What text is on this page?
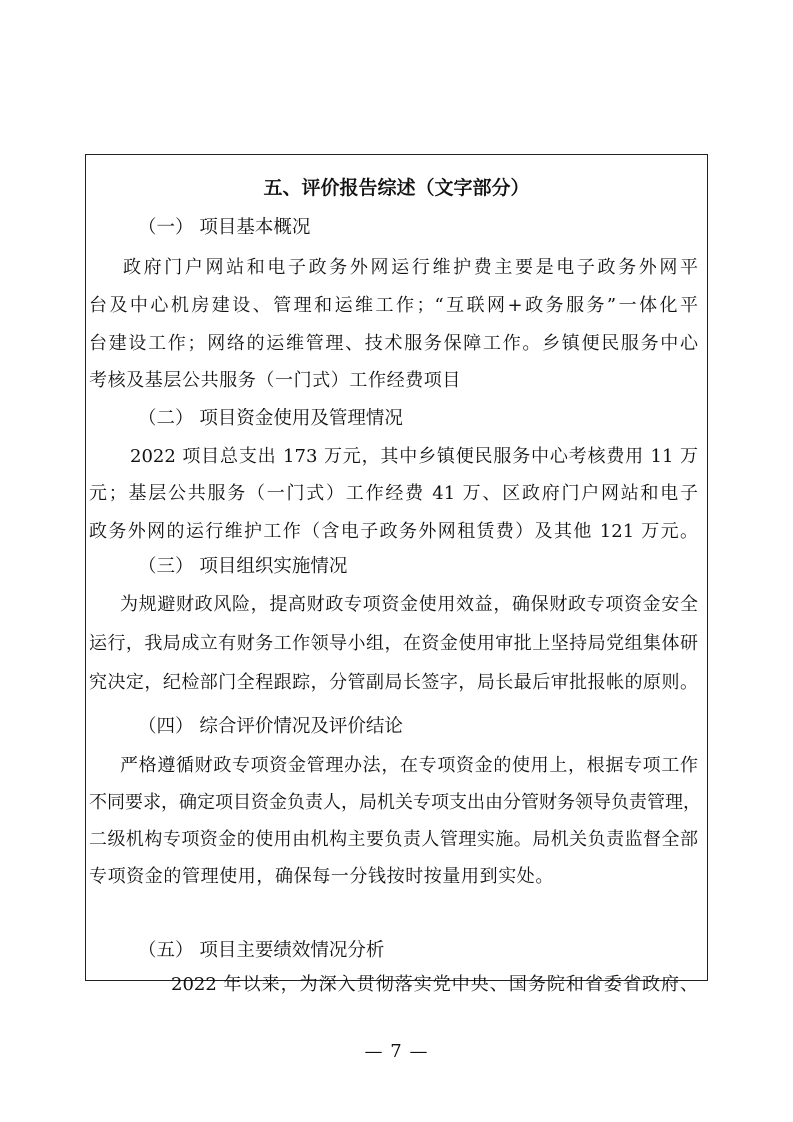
五、评价报告综述（文字部分）
（一） 项目基本概况
政府门户网站和电子政务外网运行维护费主要是电子政务外网平
台及中心机房建设、管理和运维工作；“互联网+政务服务”一体化平
台建设工作；网络的运维管理、技术服务保障工作。乡镇便民服务中心
考核及基层公共服务（一门式）工作经费项目
（二） 项目资金使用及管理情况
2022 项目总支出 173 万元，其中乡镇便民服务中心考核费用 11 万
元；基层公共服务（一门式）工作经费 41 万、区政府门户网站和电子
政务外网的运行维护工作（含电子政务外网租赁费）及其他 121 万元。
（三） 项目组织实施情况
为规避财政风险，提高财政专项资金使用效益，确保财政专项资金安全
运行，我局成立有财务工作领导小组，在资金使用审批上坚持局党组集体研
究决定，纪检部门全程跟踪，分管副局长签字，局长最后审批报帐的原则。
（四） 综合评价情况及评价结论
严格遵循财政专项资金管理办法，在专项资金的使用上，根据专项工作
不同要求，确定项目资金负责人，局机关专项支出由分管财务领导负责管理，
二级机构专项资金的使用由机构主要负责人管理实施。局机关负责监督全部
专项资金的管理使用，确保每一分钱按时按量用到实处。
（五） 项目主要绩效情况分析
2022 年以来，为深入贯彻落实党中央、国务院和省委省政府、
— 7 —
